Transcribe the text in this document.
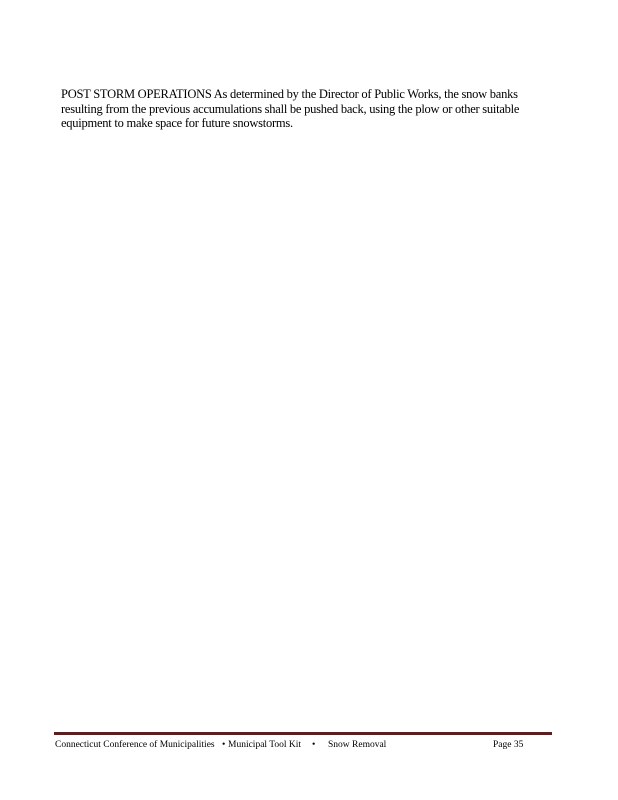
POST STORM OPERATIONS As determined by the Director of Public Works, the snow banks resulting from the previous accumulations shall be pushed back, using the plow or other suitable equipment to make space for future snowstorms.

Connecticut Conference of Municipalities • Municipal Tool Kit • Snow Removal	Page 35
